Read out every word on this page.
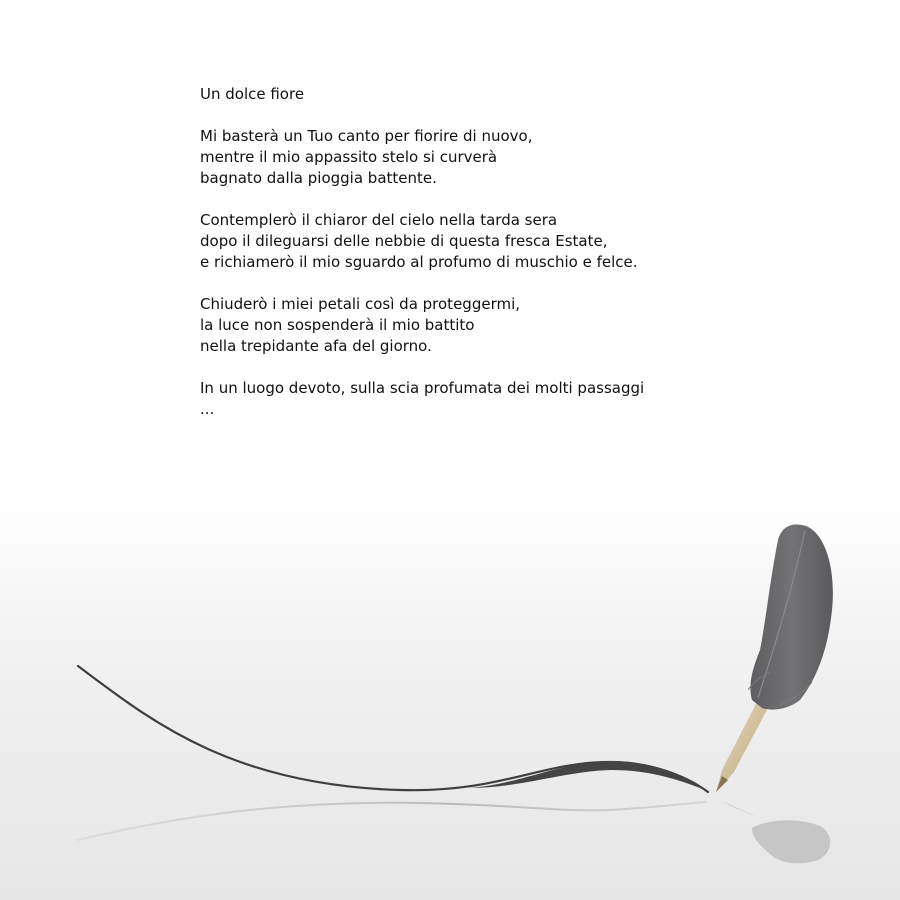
Un dolce fiore
Mi basterà un Tuo canto per fiorire di nuovo,
mentre il mio appassito stelo si curverà
bagnato dalla pioggia battente.
Contemplerò il chiaror del cielo nella tarda sera
dopo il dileguarsi delle nebbie di questa fresca Estate,
e richiamerò il mio sguardo al profumo di muschio e felce.
Chiuderò i miei petali così da proteggermi,
la luce non sospenderà il mio battito
nella trepidante afa del giorno.
In un luogo devoto, sulla scia profumata dei molti passaggi
...
